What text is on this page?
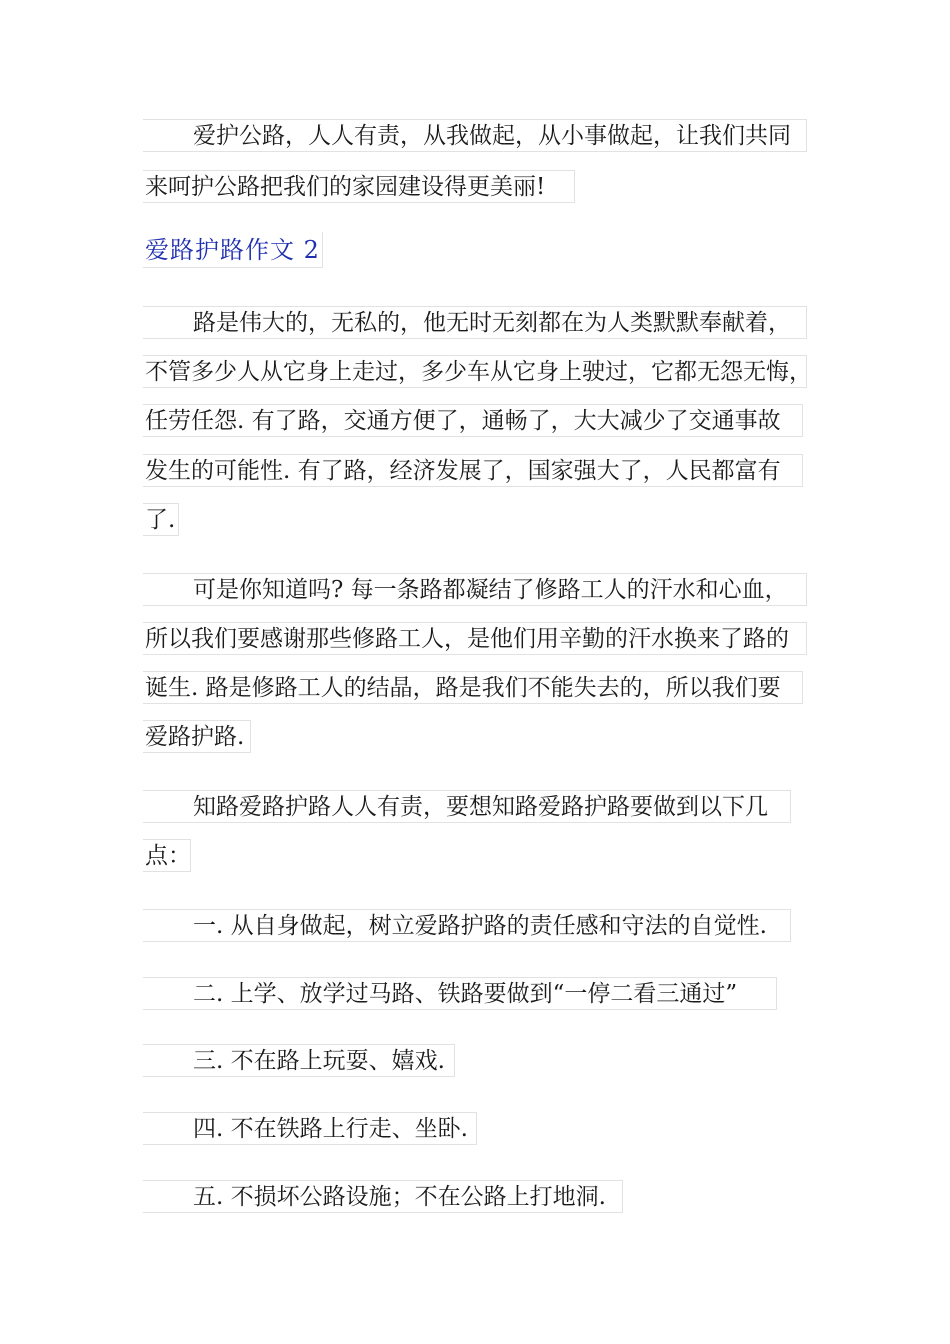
爱护公路，人人有责，从我做起，从小事做起，让我们共同
来呵护公路把我们的家园建设得更美丽!
爱路护路作文 2
路是伟大的，无私的，他无时无刻都在为人类默默奉献着，
不管多少人从它身上走过，多少车从它身上驶过，它都无怨无悔，
任劳任怨. 有了路，交通方便了，通畅了，大大减少了交通事故
发生的可能性. 有了路，经济发展了，国家强大了，人民都富有
了.
可是你知道吗? 每一条路都凝结了修路工人的汗水和心血，
所以我们要感谢那些修路工人，是他们用辛勤的汗水换来了路的
诞生. 路是修路工人的结晶，路是我们不能失去的，所以我们要
爱路护路.
知路爱路护路人人有责，要想知路爱路护路要做到以下几
点：
一. 从自身做起，树立爱路护路的责任感和守法的自觉性.
二. 上学、放学过马路、铁路要做到“一停二看三通过”
三. 不在路上玩耍、嬉戏.
四. 不在铁路上行走、坐卧.
五. 不损坏公路设施；不在公路上打地洞.
